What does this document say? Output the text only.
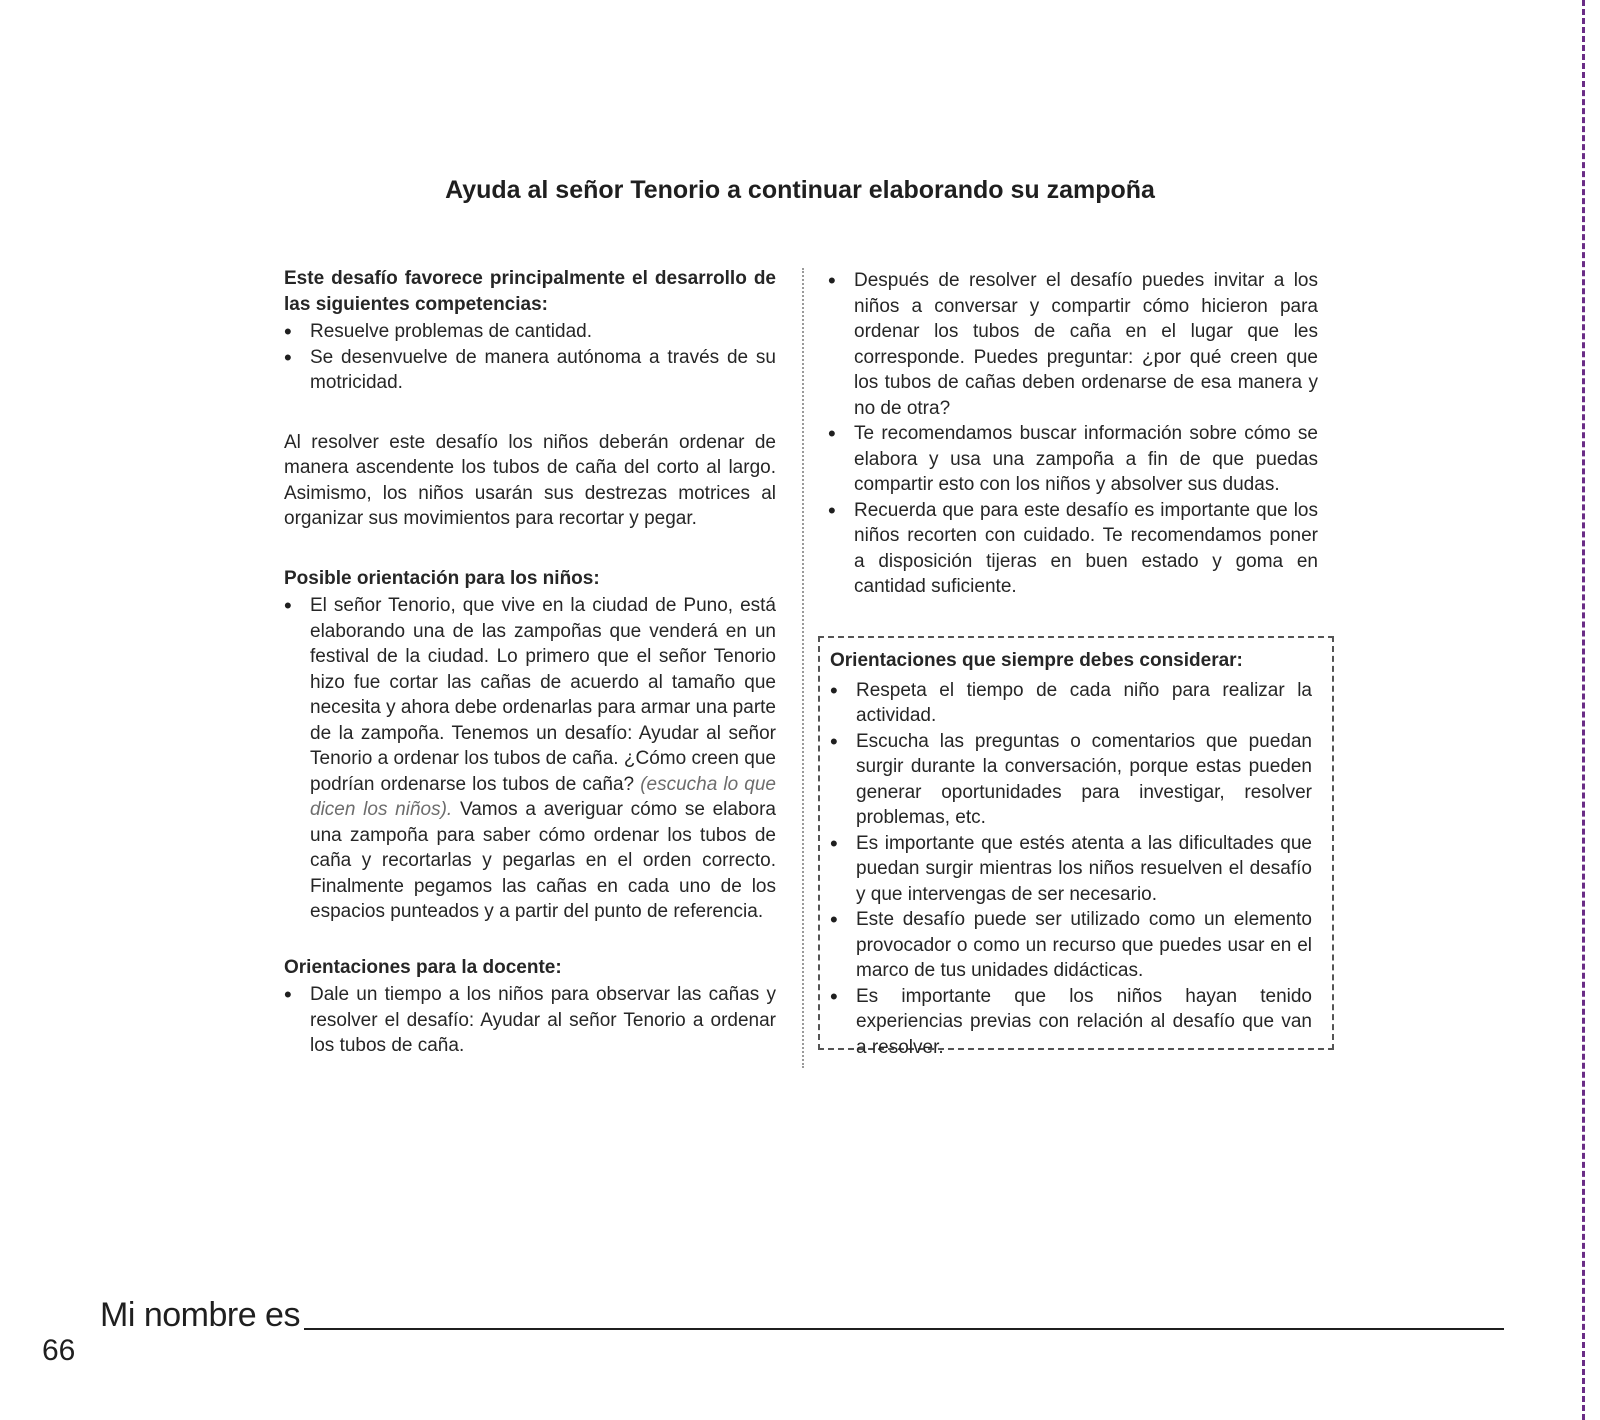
Ayuda al señor Tenorio a continuar elaborando su zampoña

Este desafío favorece principalmente el desarrollo de las siguientes competencias:

• Resuelve problemas de cantidad.
• Se desenvuelve de manera autónoma a través de su motricidad.

Al resolver este desafío los niños deberán ordenar de manera ascendente los tubos de caña del corto al largo. Asimismo, los niños usarán sus destrezas motrices al organizar sus movimientos para recortar y pegar.

Posible orientación para los niños:

• El señor Tenorio, que vive en la ciudad de Puno, está elaborando una de las zampoñas que venderá en un festival de la ciudad. Lo primero que el señor Tenorio hizo fue cortar las cañas de acuerdo al tamaño que necesita y ahora debe ordenarlas para armar una parte de la zampoña. Tenemos un desafío: Ayudar al señor Tenorio a ordenar los tubos de caña. ¿Cómo creen que podrían ordenarse los tubos de caña? (escucha lo que dicen los niños). Vamos a averiguar cómo se elabora una zampoña para saber cómo ordenar los tubos de caña y recortarlas y pegarlas en el orden correcto. Finalmente pegamos las cañas en cada uno de los espacios punteados y a partir del punto de referencia.

Orientaciones para la docente:

• Dale un tiempo a los niños para observar las cañas y resolver el desafío: Ayudar al señor Tenorio a ordenar los tubos de caña.
• Después de resolver el desafío puedes invitar a los niños a conversar y compartir cómo hicieron para ordenar los tubos de caña en el lugar que les corresponde. Puedes preguntar: ¿por qué creen que los tubos de cañas deben ordenarse de esa manera y no de otra?
• Te recomendamos buscar información sobre cómo se elabora y usa una zampoña a fin de que puedas compartir esto con los niños y absolver sus dudas.
• Recuerda que para este desafío es importante que los niños recorten con cuidado. Te recomendamos poner a disposición tijeras en buen estado y goma en cantidad suficiente.

Orientaciones que siempre debes considerar:

• Respeta el tiempo de cada niño para realizar la actividad.
• Escucha las preguntas o comentarios que puedan surgir durante la conversación, porque estas pueden generar oportunidades para investigar, resolver problemas, etc.
• Es importante que estés atenta a las dificultades que puedan surgir mientras los niños resuelven el desafío y que intervengas de ser necesario.
• Este desafío puede ser utilizado como un elemento provocador o como un recurso que puedes usar en el marco de tus unidades didácticas.
• Es importante que los niños hayan tenido experiencias previas con relación al desafío que van a resolver.
Mi nombre es
66
